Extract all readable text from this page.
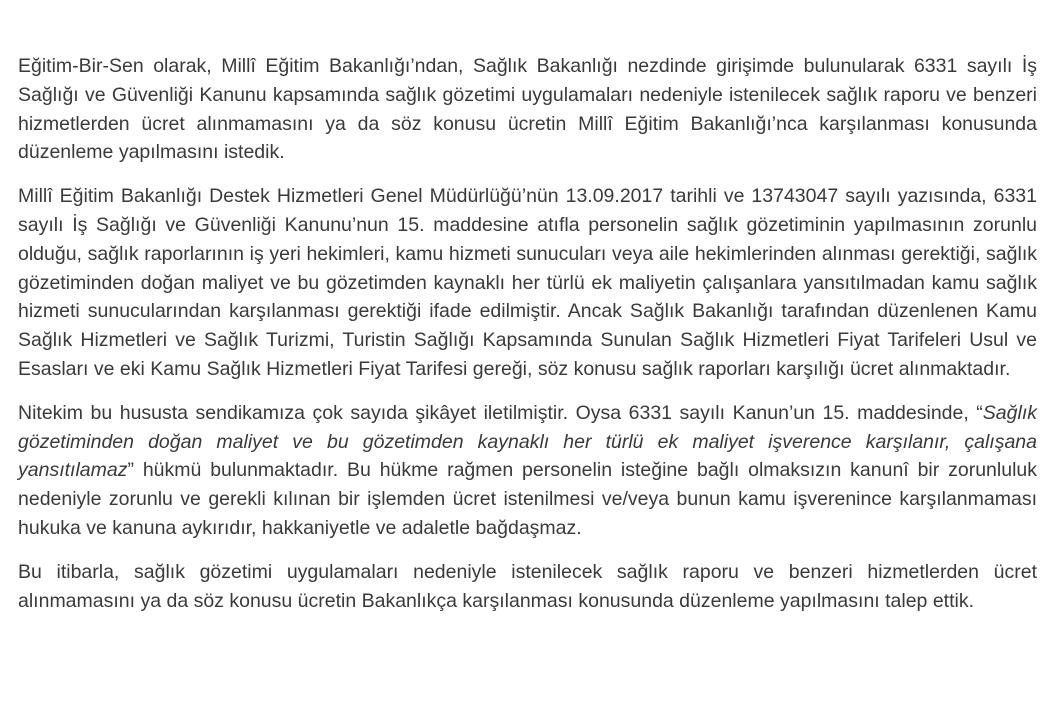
Eğitim-Bir-Sen olarak, Millî Eğitim Bakanlığı’ndan, Sağlık Bakanlığı nezdinde girişimde bulunularak 6331 sayılı İş Sağlığı ve Güvenliği Kanunu kapsamında sağlık gözetimi uygulamaları nedeniyle istenilecek sağlık raporu ve benzeri hizmetlerden ücret alınmamasını ya da söz konusu ücretin Millî Eğitim Bakanlığı’nca karşılanması konusunda düzenleme yapılmasını istedik.

Millî Eğitim Bakanlığı Destek Hizmetleri Genel Müdürlüğü’nün 13.09.2017 tarihli ve 13743047 sayılı yazısında, 6331 sayılı İş Sağlığı ve Güvenliği Kanunu’nun 15. maddesine atıfla personelin sağlık gözetiminin yapılmasının zorunlu olduğu, sağlık raporlarının iş yeri hekimleri, kamu hizmeti sunucuları veya aile hekimlerinden alınması gerektiği, sağlık gözetiminden doğan maliyet ve bu gözetimden kaynaklı her türlü ek maliyetin çalışanlara yansıtılmadan kamu sağlık hizmeti sunucularından karşılanması gerektiği ifade edilmiştir. Ancak Sağlık Bakanlığı tarafından düzenlenen Kamu Sağlık Hizmetleri ve Sağlık Turizmi, Turistin Sağlığı Kapsamında Sunulan Sağlık Hizmetleri Fiyat Tarifeleri Usul ve Esasları ve eki Kamu Sağlık Hizmetleri Fiyat Tarifesi gereği, söz konusu sağlık raporları karşılığı ücret alınmaktadır.

Nitekim bu hususta sendikamıza çok sayıda şikâyet iletilmiştir. Oysa 6331 sayılı Kanun’un 15. maddesinde, “Sağlık gözetiminden doğan maliyet ve bu gözetimden kaynaklı her türlü ek maliyet işverence karşılanır, çalışana yansıtılamaz” hükmü bulunmaktadır. Bu hükme rağmen personelin isteğine bağlı olmaksızın kanunî bir zorunluluk nedeniyle zorunlu ve gerekli kılınan bir işlemden ücret istenilmesi ve/veya bunun kamu işverenince karşılanmaması hukuka ve kanuna aykırıdır, hakkaniyetle ve adaletle bağdaşmaz.

Bu itibarla, sağlık gözetimi uygulamaları nedeniyle istenilecek sağlık raporu ve benzeri hizmetlerden ücret alınmamasını ya da söz konusu ücretin Bakanlıkça karşılanması konusunda düzenleme yapılmasını talep ettik.
